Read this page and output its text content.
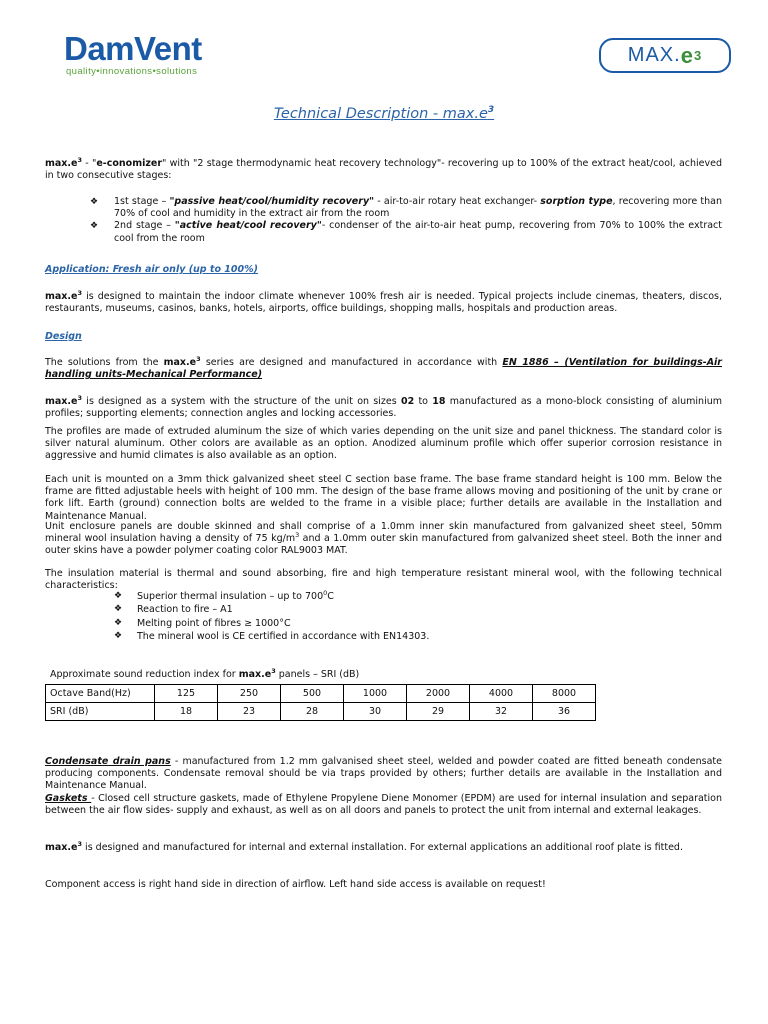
DamVent
quality•innovations•solutions
MAX. e 3
Technical Description - $\max.e^3$
$\max.e^3$ - "e-conomizer" with "2 stage thermodynamic heat recovery technology"- recovering up to 100% of the extract heat/cool, achieved in two consecutive stages:
❖ 1st stage – "passive heat/cool/humidity recovery" - air-to-air rotary heat exchanger- sorption type, recovering more than 70% of cool and humidity in the extract air from the room
❖ 2nd stage – "active heat/cool recovery"- condenser of the air-to-air heat pump, recovering from 70% to 100% the extract cool from the room
Application: Fresh air only (up to 100%)
$\max.e^3$ is designed to maintain the indoor climate whenever 100% fresh air is needed. Typical projects include cinemas, theaters, discos, restaurants, museums, casinos, banks, hotels, airports, office buildings, shopping malls, hospitals and production areas.
Design
The solutions from the $\max.e^3$ series are designed and manufactured in accordance with EN 1886 – (Ventilation for buildings-Air handling units-Mechanical Performance)
$\max.e^3$ is designed as a system with the structure of the unit on sizes 02 to 18 manufactured as a mono-block consisting of aluminium profiles; supporting elements; connection angles and locking accessories.
The profiles are made of extruded aluminum the size of which varies depending on the unit size and panel thickness. The standard color is silver natural aluminum. Other colors are available as an option. Anodized aluminum profile which offer superior corrosion resistance in aggressive and humid climates is also available as an option.
Each unit is mounted on a 3mm thick galvanized sheet steel C section base frame. The base frame standard height is 100 mm. Below the frame are fitted adjustable heels with height of 100 mm. The design of the base frame allows moving and positioning of the unit by crane or fork lift. Earth (ground) connection bolts are welded to the frame in a visible place; further details are available in the Installation and Maintenance Manual.
Unit enclosure panels are double skinned and shall comprise of a 1.0mm inner skin manufactured from galvanized sheet steel, 50mm mineral wool insulation having a density of 75 $kg/m^3$ and a 1.0mm outer skin manufactured from galvanized sheet steel. Both the inner and outer skins have a powder polymer coating color RAL9003 MAT.
The insulation material is thermal and sound absorbing, fire and high temperature resistant mineral wool, with the following technical characteristics:
❖ Superior thermal insulation – up to $700^0C$
❖ Reaction to fire – A1
❖ Melting point of fibres ≥ 1000°C
❖ The mineral wool is CE certified in accordance with EN14303.
Approximate sound reduction index for $\max.e^3$ panels – SRI (dB)
Octave Band(Hz)	125	250	500	1000	2000	4000	8000
SRI (dB)	18	23	28	30	29	32	36
Condensate drain pans - manufactured from 1.2 mm galvanised sheet steel, welded and powder coated are fitted beneath condensate producing components. Condensate removal should be via traps provided by others; further details are available in the Installation and Maintenance Manual.
Gaskets - Closed cell structure gaskets, made of Ethylene Propylene Diene Monomer (EPDM) are used for internal insulation and separation between the air flow sides- supply and exhaust, as well as on all doors and panels to protect the unit from internal and external leakages.
$\max.e^3$ is designed and manufactured for internal and external installation. For external applications an additional roof plate is fitted.
Component access is right hand side in direction of airflow. Left hand side access is available on request!
